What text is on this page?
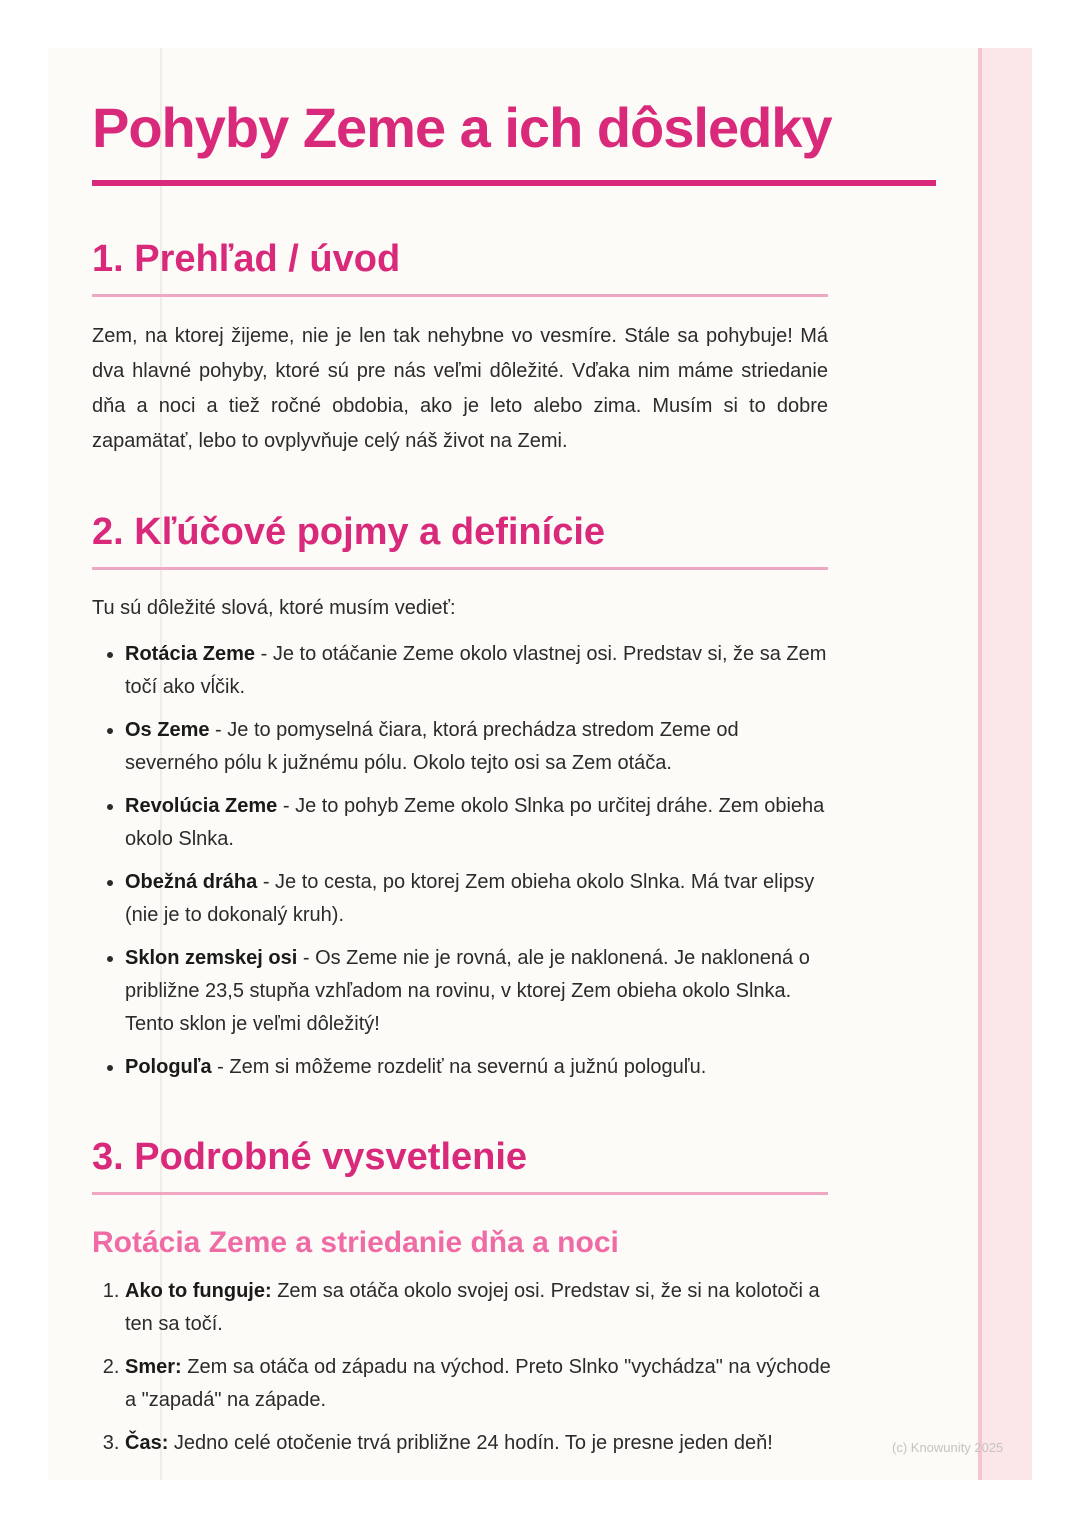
Pohyby Zeme a ich dôsledky
1. Prehľad / úvod

Zem, na ktorej žijeme, nie je len tak nehybne vo vesmíre. Stále sa pohybuje! Má dva hlavné pohyby, ktoré sú pre nás veľmi dôležité. Vďaka nim máme striedanie dňa a noci a tiež ročné obdobia, ako je leto alebo zima. Musím si to dobre zapamätať, lebo to ovplyvňuje celý náš život na Zemi.

2. Kľúčové pojmy a definície

Tu sú dôležité slová, ktoré musím vedieť:

• Rotácia Zeme - Je to otáčanie Zeme okolo vlastnej osi. Predstav si, že sa Zem točí ako vĺčik.
• Os Zeme - Je to pomyselná čiara, ktorá prechádza stredom Zeme od severného pólu k južnému pólu. Okolo tejto osi sa Zem otáča.
• Revolúcia Zeme - Je to pohyb Zeme okolo Slnka po určitej dráhe. Zem obieha okolo Slnka.
• Obežná dráha - Je to cesta, po ktorej Zem obieha okolo Slnka. Má tvar elipsy (nie je to dokonalý kruh).
• Sklon zemskej osi - Os Zeme nie je rovná, ale je naklonená. Je naklonená o približne 23,5 stupňa vzhľadom na rovinu, v ktorej Zem obieha okolo Slnka. Tento sklon je veľmi dôležitý!
• Pologuľa - Zem si môžeme rozdeliť na severnú a južnú pologuľu.
3. Podrobné vysvetlenie
Rotácia Zeme a striedanie dňa a noci
1. Ako to funguje: Zem sa otáča okolo svojej osi. Predstav si, že si na kolotoči a ten sa točí.
2. Smer: Zem sa otáča od západu na východ. Preto Slnko "vychádza" na východe a "zapadá" na západe.
3. Čas: Jedno celé otočenie trvá približne 24 hodín. To je presne jeden deň!	(c) Knowunity 2025
